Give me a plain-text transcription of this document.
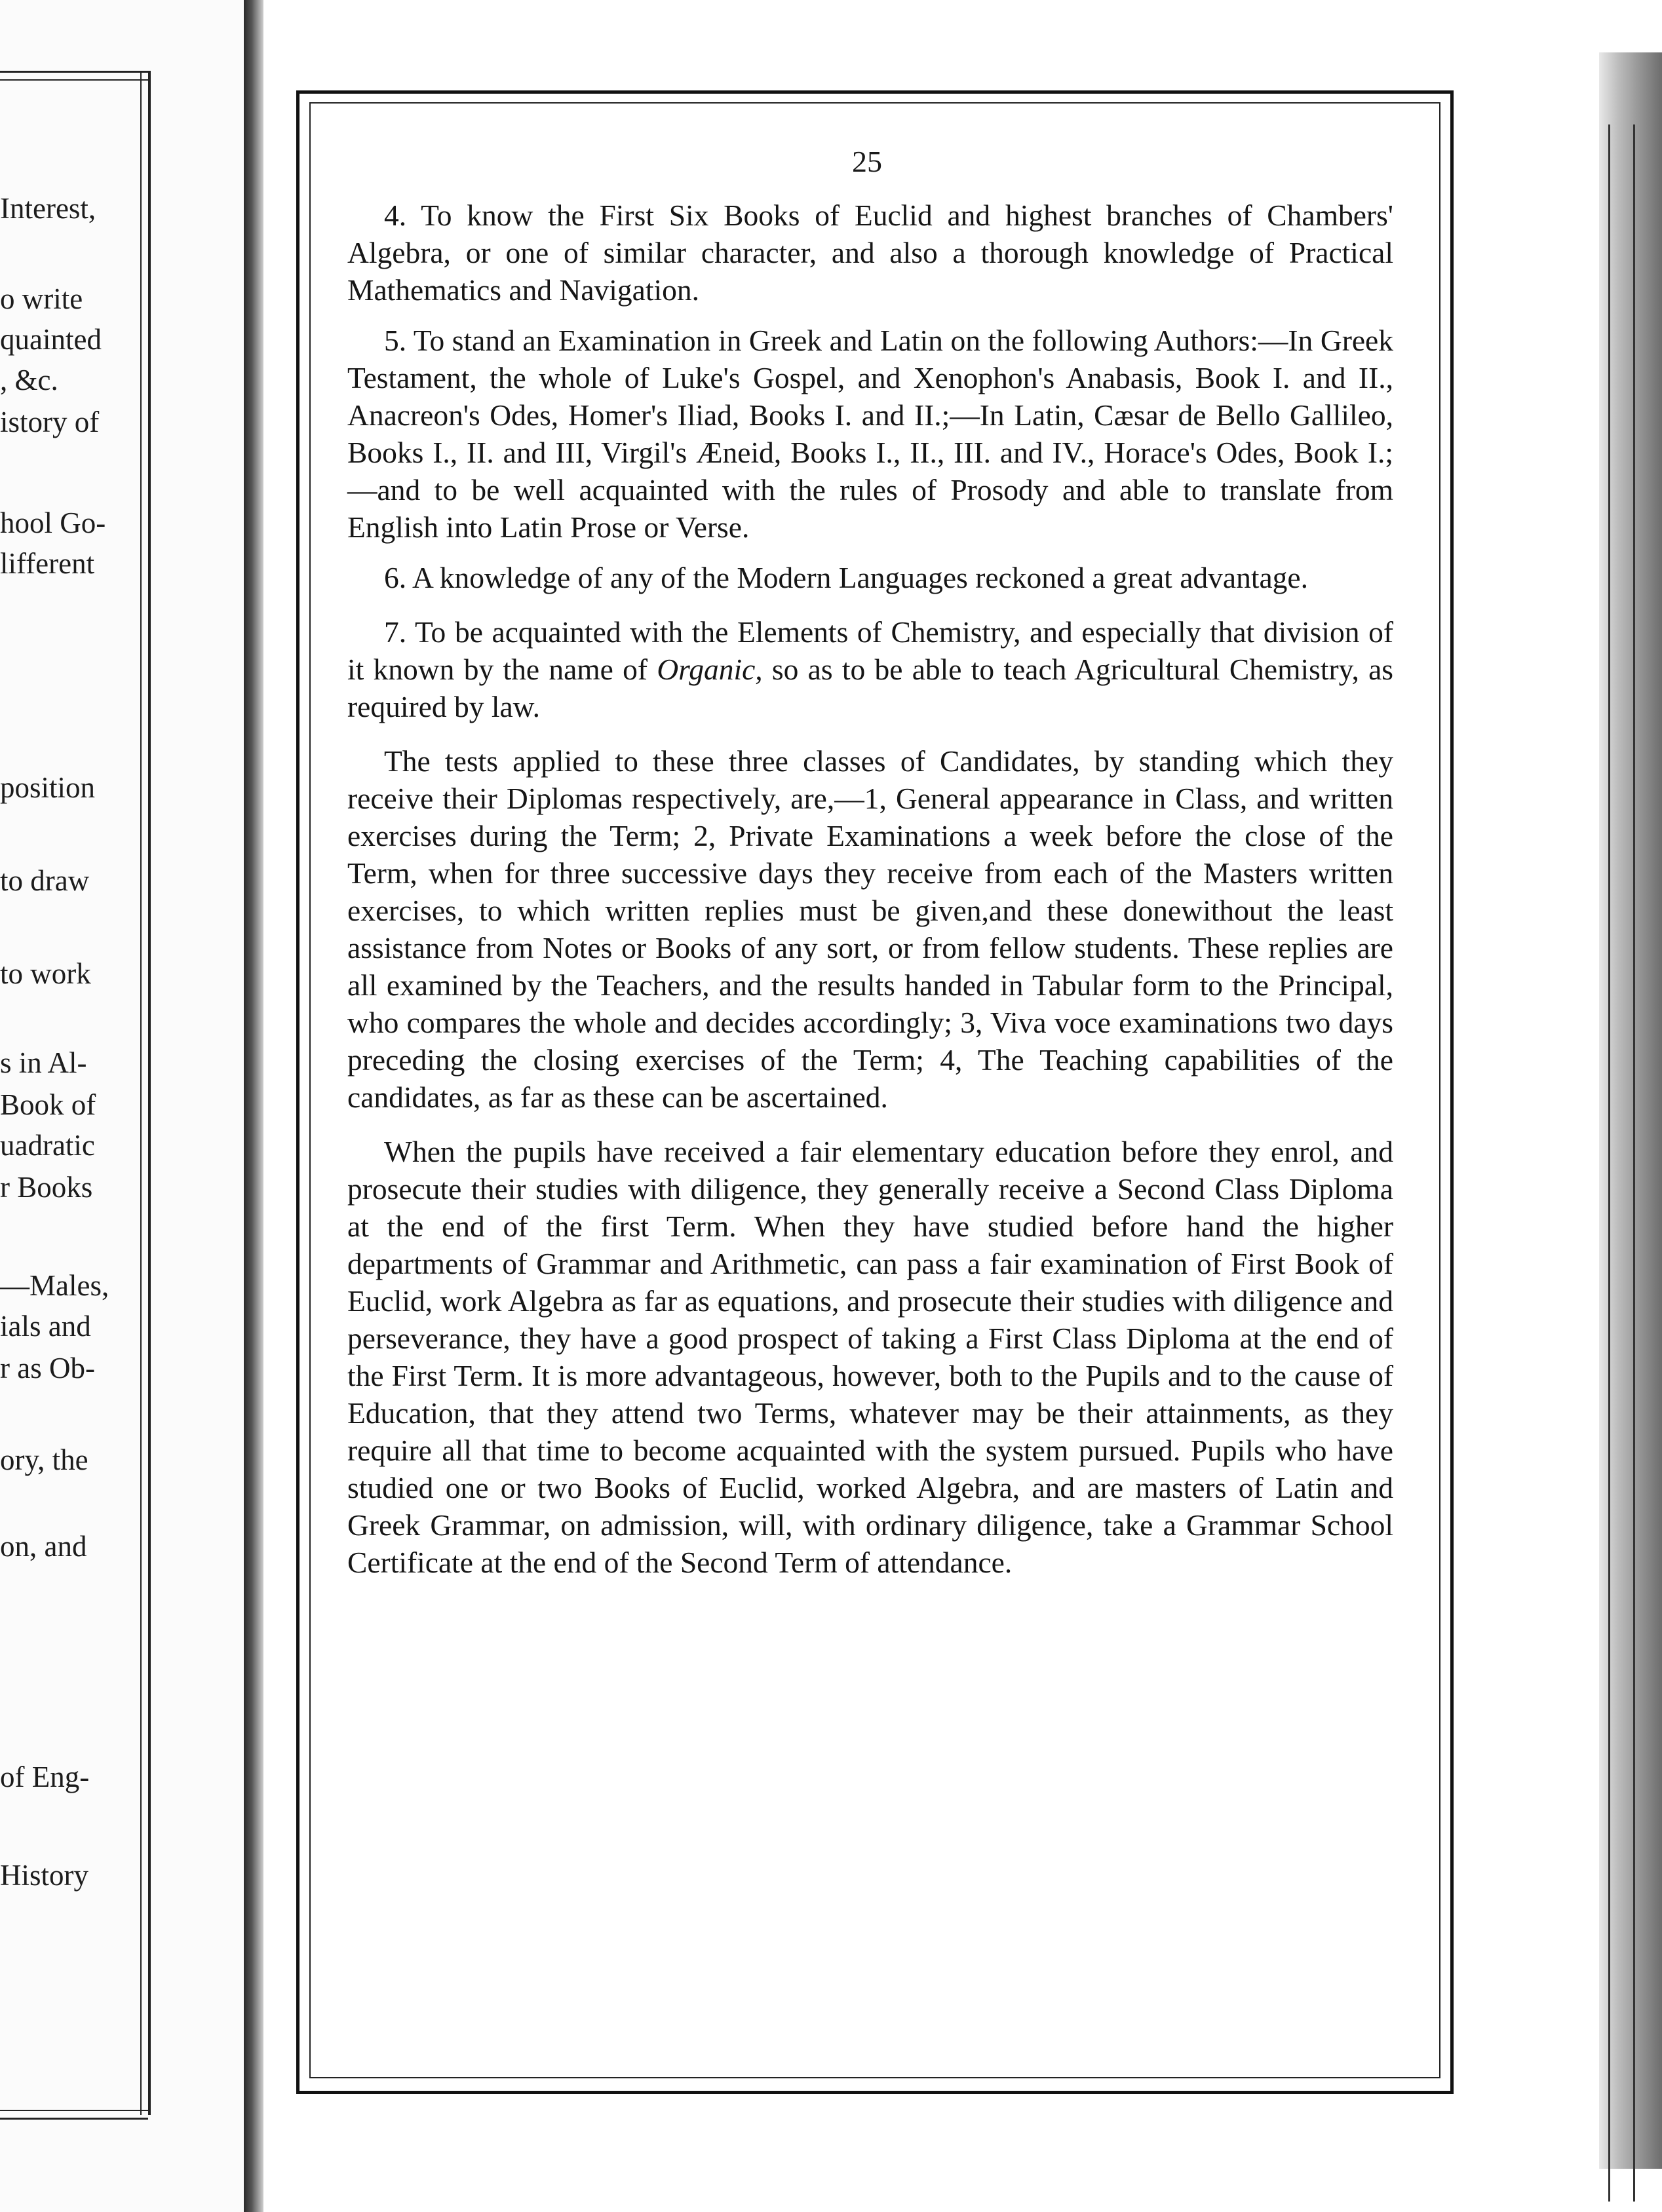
Interest,
o write
quainted
, &c.
istory of
hool Go-
lifferent
position
to draw
to work
s in Al-
Book of
uadratic
r Books
—Males,
ials and
r as Ob-
ory, the
on, and
of Eng-
History
25

4. To know the First Six Books of Euclid and highest branches of Chambers' Algebra, or one of similar character, and also a thorough knowledge of Practical Mathematics and Navigation.

5. To stand an Examination in Greek and Latin on the following Authors:—In Greek Testament, the whole of Luke's Gospel, and Xenophon's Anabasis, Book I. and II., Anacreon's Odes, Homer's Iliad, Books I. and II.;—In Latin, Cæsar de Bello Gallileo, Books I., II. and III, Virgil's Æneid, Books I., II., III. and IV., Horace's Odes, Book I.;—and to be well acquainted with the rules of Prosody and able to translate from English into Latin Prose or Verse.

6. A knowledge of any of the Modern Languages reckoned a great advantage.

7. To be acquainted with the Elements of Chemistry, and especially that division of it known by the name of Organic, so as to be able to teach Agricultural Chemistry, as required by law.

The tests applied to these three classes of Candidates, by standing which they receive their Diplomas respectively, are,—1, General appearance in Class, and written exercises during the Term; 2, Private Examinations a week before the close of the Term, when for three successive days they receive from each of the Masters written exercises, to which written replies must be given,and these donewithout the least assistance from Notes or Books of any sort, or from fellow students. These replies are all examined by the Teachers, and the results handed in Tabular form to the Principal, who compares the whole and decides accordingly; 3, Viva voce examinations two days preceding the closing exercises of the Term; 4, The Teaching capabilities of the candidates, as far as these can be ascertained.

When the pupils have received a fair elementary education before they enrol, and prosecute their studies with diligence, they generally receive a Second Class Diploma at the end of the first Term. When they have studied before hand the higher departments of Grammar and Arithmetic, can pass a fair examination of First Book of Euclid, work Algebra as far as equations, and prosecute their studies with diligence and perseverance, they have a good prospect of taking a First Class Diploma at the end of the First Term. It is more advantageous, however, both to the Pupils and to the cause of Education, that they attend two Terms, whatever may be their attainments, as they require all that time to become acquainted with the system pursued. Pupils who have studied one or two Books of Euclid, worked Algebra, and are masters of Latin and Greek Grammar, on admission, will, with ordinary diligence, take a Grammar School Certificate at the end of the Second Term of attendance.
